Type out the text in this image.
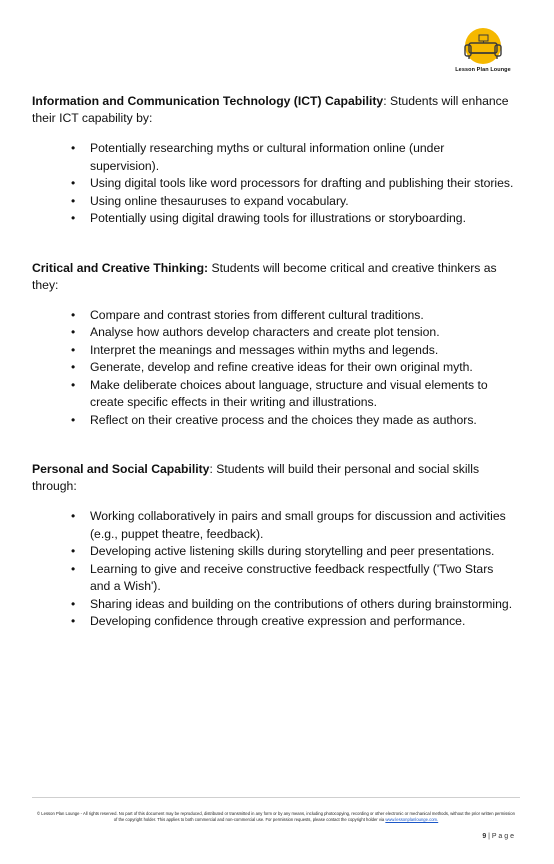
Lesson Plan Lounge

Information and Communication Technology (ICT) Capability: Students will enhance their ICT capability by:

• Potentially researching myths or cultural information online (under supervision).
• Using digital tools like word processors for drafting and publishing their stories.
• Using online thesauruses to expand vocabulary.
• Potentially using digital drawing tools for illustrations or storyboarding.

Critical and Creative Thinking: Students will become critical and creative thinkers as they:

• Compare and contrast stories from different cultural traditions.
• Analyse how authors develop characters and create plot tension.
• Interpret the meanings and messages within myths and legends.
• Generate, develop and refine creative ideas for their own original myth.
• Make deliberate choices about language, structure and visual elements to create specific effects in their writing and illustrations.
• Reflect on their creative process and the choices they made as authors.

Personal and Social Capability: Students will build their personal and social skills through:

• Working collaboratively in pairs and small groups for discussion and activities (e.g., puppet theatre, feedback).
• Developing active listening skills during storytelling and peer presentations.
• Learning to give and receive constructive feedback respectfully ('Two Stars and a Wish').
• Sharing ideas and building on the contributions of others during brainstorming.
• Developing confidence through creative expression and performance.
© Lesson Plan Lounge - All rights reserved. No part of this document may be reproduced, distributed or transmitted in any form or by any means, including photocopying, recording or other electronic or mechanical methods, without the prior written permission of the copyright holder. This applies to both commercial and non-commercial use. For permission requests, please contact the copyright holder via www.lessonplanlounge.com.
9 | P a g e
